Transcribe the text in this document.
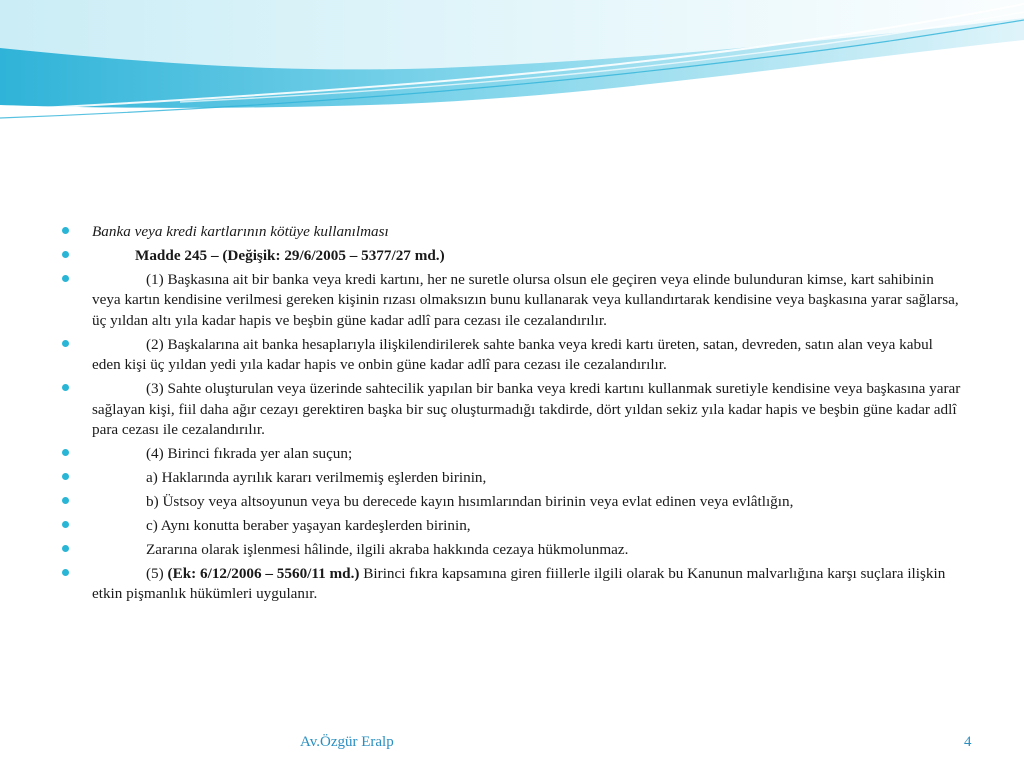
Banka veya kredi kartlarının kötüye kullanılması
Madde 245 – (Değişik: 29/6/2005 – 5377/27 md.)
(1) Başkasına ait bir banka veya kredi kartını, her ne suretle olursa olsun ele geçiren veya elinde bulunduran kimse, kart sahibinin veya kartın kendisine verilmesi gereken kişinin rızası olmaksızın bunu kullanarak veya kullandırtarak kendisine veya başkasına yarar sağlarsa, üç yıldan altı yıla kadar hapis ve beşbin güne kadar adlî para cezası ile cezalandırılır.
(2) Başkalarına ait banka hesaplarıyla ilişkilendirilerek sahte banka veya kredi kartı üreten, satan, devreden, satın alan veya kabul eden kişi üç yıldan yedi yıla kadar hapis ve onbin güne kadar adlî para cezası ile cezalandırılır.
(3) Sahte oluşturulan veya üzerinde sahtecilik yapılan bir banka veya kredi kartını kullanmak suretiyle kendisine veya başkasına yarar sağlayan kişi, fiil daha ağır cezayı gerektiren başka bir suç oluşturmadığı takdirde, dört yıldan sekiz yıla kadar hapis ve beşbin güne kadar adlî para cezası ile cezalandırılır.
(4) Birinci fıkrada yer alan suçun;
a) Haklarında ayrılık kararı verilmemiş eşlerden birinin,
b) Üstsoy veya altsoyunun veya bu derecede kayın hısımlarından birinin veya evlat edinen veya evlâtlığın,
c) Aynı konutta beraber yaşayan kardeşlerden birinin,
Zararına olarak işlenmesi hâlinde, ilgili akraba hakkında cezaya hükmolunmaz.
(5) (Ek: 6/12/2006 – 5560/11 md.) Birinci fıkra kapsamına giren fiillerle ilgili olarak bu Kanunun malvarlığına karşı suçlara ilişkin etkin pişmanlık hükümleri uygulanır.
Av.Özgür Eralp	4
